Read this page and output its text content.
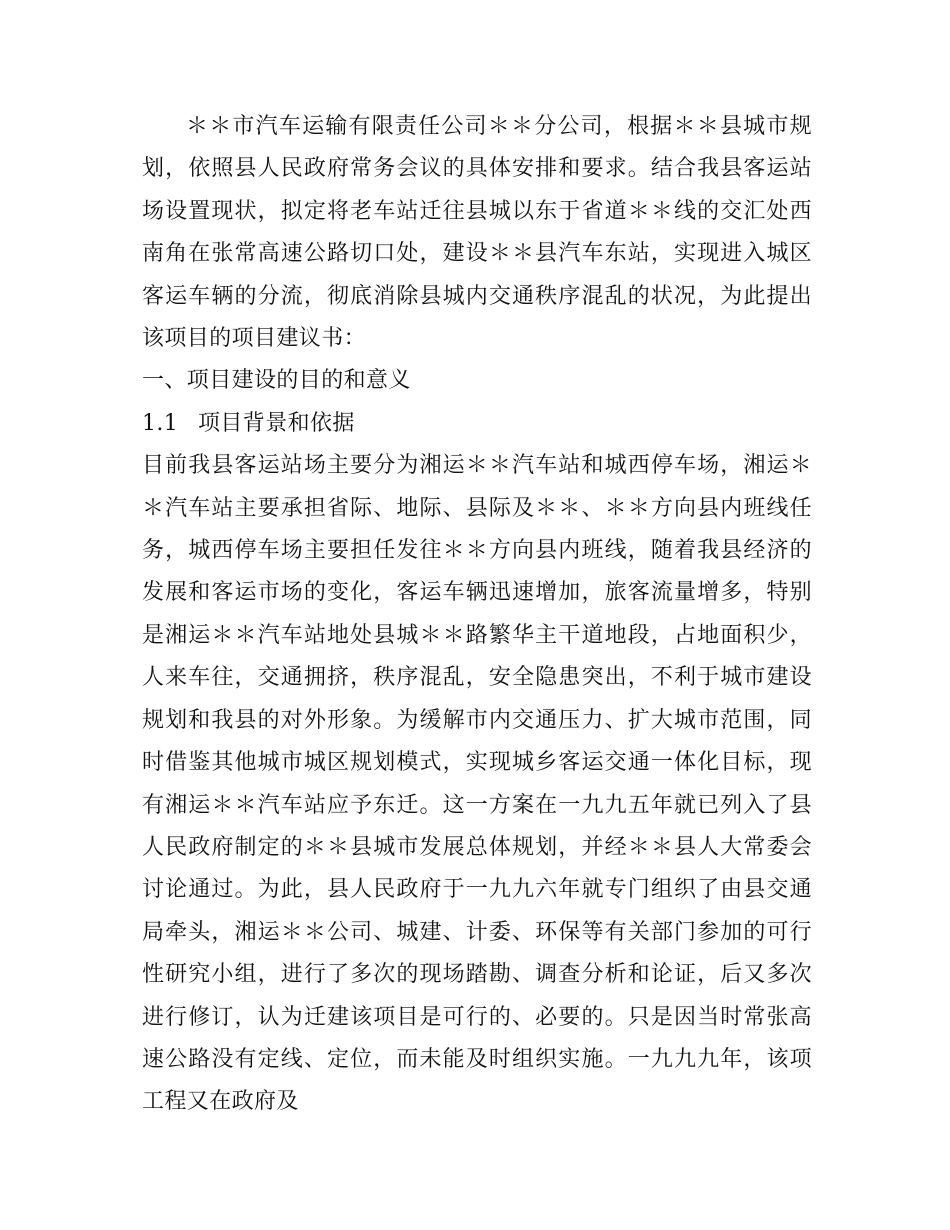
＊＊市汽车运输有限责任公司＊＊分公司，根据＊＊县城市规划，依照县人民政府常务会议的具体安排和要求。结合我县客运站场设置现状，拟定将老车站迁往县城以东于省道＊＊线的交汇处西南角在张常高速公路切口处，建设＊＊县汽车东站，实现进入城区客运车辆的分流，彻底消除县城内交通秩序混乱的状况，为此提出该项目的项目建议书：

一、项目建设的目的和意义

1.1 项目背景和依据

目前我县客运站场主要分为湘运＊＊汽车站和城西停车场，湘运＊＊汽车站主要承担省际、地际、县际及＊＊、＊＊方向县内班线任务，城西停车场主要担任发往＊＊方向县内班线，随着我县经济的发展和客运市场的变化，客运车辆迅速增加，旅客流量增多，特别是湘运＊＊汽车站地处县城＊＊路繁华主干道地段，占地面积少，人来车往，交通拥挤，秩序混乱，安全隐患突出，不利于城市建设规划和我县的对外形象。为缓解市内交通压力、扩大城市范围，同时借鉴其他城市城区规划模式，实现城乡客运交通一体化目标，现有湘运＊＊汽车站应予东迁。这一方案在一九九五年就已列入了县人民政府制定的＊＊县城市发展总体规划，并经＊＊县人大常委会讨论通过。为此，县人民政府于一九九六年就专门组织了由县交通局牵头，湘运＊＊公司、城建、计委、环保等有关部门参加的可行性研究小组，进行了多次的现场踏勘、调查分析和论证，后又多次进行修订，认为迁建该项目是可行的、必要的。只是因当时常张高速公路没有定线、定位，而未能及时组织实施。一九九九年，该项工程又在政府及
